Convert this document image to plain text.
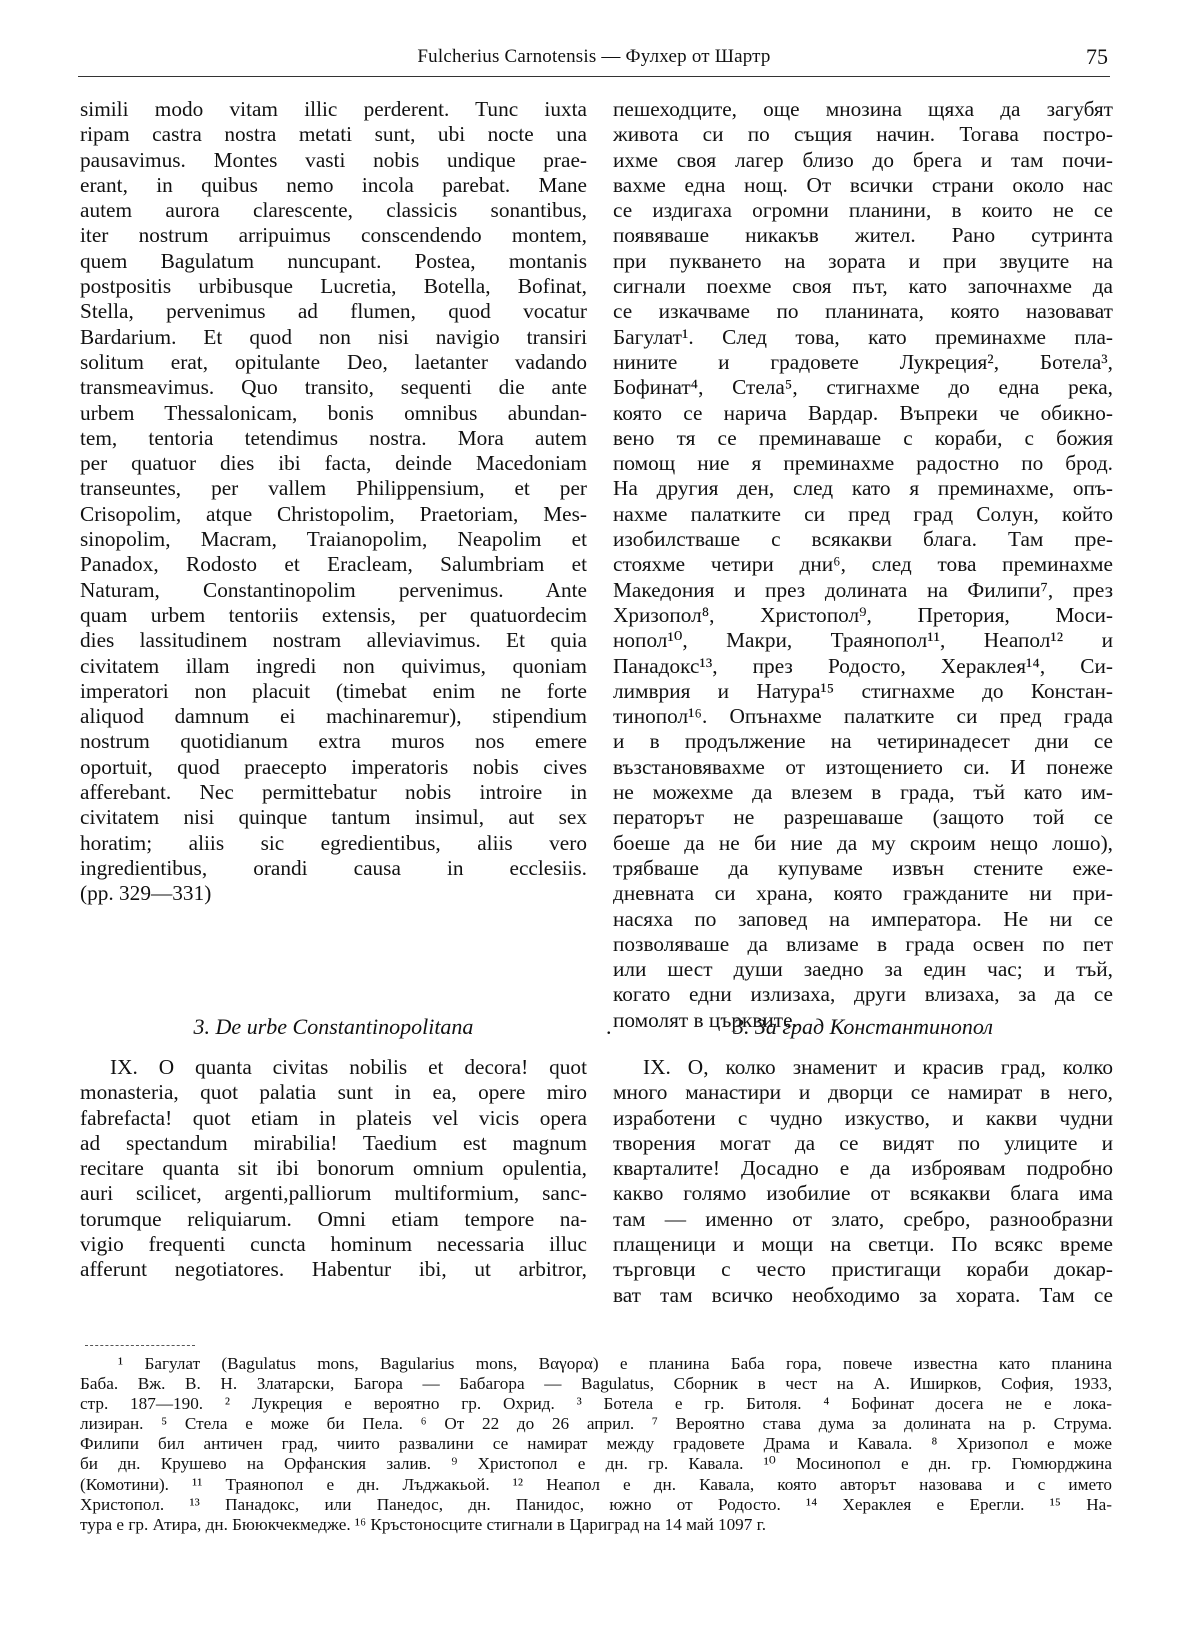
Fulcherius Carnotensis — Фулхер от Шартр	75
simili modo vitam illic perderent. Tunc iuxta
ripam castra nostra metati sunt, ubi nocte una
pausavimus. Montes vasti nobis undique prae-
erant, in quibus nemo incola parebat. Mane
autem aurora clarescente, classicis sonantibus,
iter nostrum arripuimus conscendendo montem,
quem Bagulatum nuncupant. Postea, montanis
postpositis urbibusque Lucretia, Botella, Bofinat,
Stella, pervenimus ad flumen, quod vocatur
Bardarium. Et quod non nisi navigio transiri
solitum erat, opitulante Deo, laetanter vadando
transmeavimus. Quo transito, sequenti die ante
urbem Thessalonicam, bonis omnibus abundan-
tem, tentoria tetendimus nostra. Mora autem
per quatuor dies ibi facta, deinde Macedoniam
transeuntes, per vallem Philippensium, et per
Crisopolim, atque Christopolim, Praetoriam, Mes-
sinopolim, Macram, Traianopolim, Neapolim et
Panadox, Rodosto et Eracleam, Salumbriam et
Naturam, Constantinopolim pervenimus. Ante
quam urbem tentoriis extensis, per quatuordecim
dies lassitudinem nostram alleviavimus. Et quia
civitatem illam ingredi non quivimus, quoniam
imperatori non placuit (timebat enim ne forte
aliquod damnum ei machinaremur), stipendium
nostrum quotidianum extra muros nos emere
oportuit, quod praecepto imperatoris nobis cives
afferebant. Nec permittebatur nobis introire in
civitatem nisi quinque tantum insimul, aut sex
horatim; aliis sic egredientibus, aliis vero
ingredientibus, orandi causa in ecclesiis.
(pp. 329—331)
пешеходците, още мнозина щяха да загубят
живота си по същия начин. Тогава постро-
ихме своя лагер близо до брега и там почи-
вахме една нощ. От всички страни около нас
се издигаха огромни планини, в които не се
появяваше никакъв жител. Рано сутринта
при пукването на зората и при звуците на
сигнали поехме своя път, като започнахме да
се изкачваме по планината, която назовават
Багулат¹. След това, като преминахме пла-
нините и градовете Лукреция², Ботела³,
Бофинат⁴, Стела⁵, стигнахме до една река,
която се нарича Вардар. Въпреки че обикно-
вено тя се преминаваше с кораби, с божия
помощ ние я преминахме радостно по брод.
На другия ден, след като я преминахме, опъ-
нахме палатките си пред град Солун, който
изобилстваше с всякакви блага. Там пре-
стояхме четири дни⁶, след това преминахме
Македония и през долината на Филипи⁷, през
Хризопол⁸, Христопол⁹, Претория, Моси-
нопол¹⁰, Макри, Траянопол¹¹, Неапол¹² и
Панадокс¹³, през Родосто, Хераклея¹⁴, Си-
лимврия и Натура¹⁵ стигнахме до Констан-
тинопол¹⁶. Опънахме палатките си пред града
и в продължение на четиринадесет дни се
възстановявахме от изтощението си. И понеже
не можехме да влезем в града, тъй като им-
ператорът не разрешаваше (защото той се
боеше да не би ние да му скроим нещо лошо),
трябваше да купуваме извън стените еже-
дневната си храна, която гражданите ни при-
насяха по заповед на императора. Не ни се
позволяваше да влизаме в града освен по пет
или шест души заедно за един час; и тъй,
когато едни излизаха, други влизаха, за да се
помолят в църквите.
3. De urbe Constantinopolitana	.	3. За град Константинопол
IX. O quanta civitas nobilis et decora! quot
monasteria, quot palatia sunt in ea, opere miro
fabrefacta! quot etiam in plateis vel vicis opera
ad spectandum mirabilia! Taedium est magnum
recitare quanta sit ibi bonorum omnium opulentia,
auri scilicet, argenti,palliorum multiformium, sanc-
torumque reliquiarum. Omni etiam tempore na-
vigio frequenti cuncta hominum necessaria illuc
afferunt negotiatores. Habentur ibi, ut arbitror,
IX. О, колко знаменит и красив град, колко
много манастири и дворци се намират в него,
изработени с чудно изкуство, и какви чудни
творения могат да се видят по улиците и
кварталите! Досадно е да изброявам подробно
какво голямо изобилие от всякакви блага има
там — именно от злато, сребро, разнообразни
плащеници и мощи на светци. По всякс време
търговци с често пристигащи кораби докар-
ват там всичко необходимо за хората. Там се
¹ Багулат (Bagulatus mons, Bagularius mons, Βαγορα) е планина Баба гора, повече известна като планина
Баба. Вж. В. Н. Златарски, Багора — Бабагора — Bagulatus, Сборник в чест на А. Иширков, София, 1933,
стр. 187—190. ² Лукреция е вероятно гр. Охрид. ³ Ботела е гр. Битоля. ⁴ Бофинат досега не е лока-
лизиран. ⁵ Стела е може би Пела. ⁶ От 22 до 26 април. ⁷ Вероятно става дума за долината на р. Струма.
Филипи бил античен град, чиито развалини се намират между градовете Драма и Кавала. ⁸ Хризопол е може
би дн. Крушево на Орфанския залив. ⁹ Христопол е дн. гр. Кавала. ¹⁰ Мосинопол е дн. гр. Гюмюрджина
(Комотини). ¹¹ Траянопол е дн. Лъджакьой. ¹² Неапол е дн. Кавала, която авторът назовава и с името
Христопол. ¹³ Панадокс, или Панедос, дн. Панидос, южно от Родосто. ¹⁴ Хераклея е Ерегли. ¹⁵ На-
тура е гр. Атира, дн. Бююкчекмедже. ¹⁶ Кръстоносците стигнали в Цариград на 14 май 1097 г.
